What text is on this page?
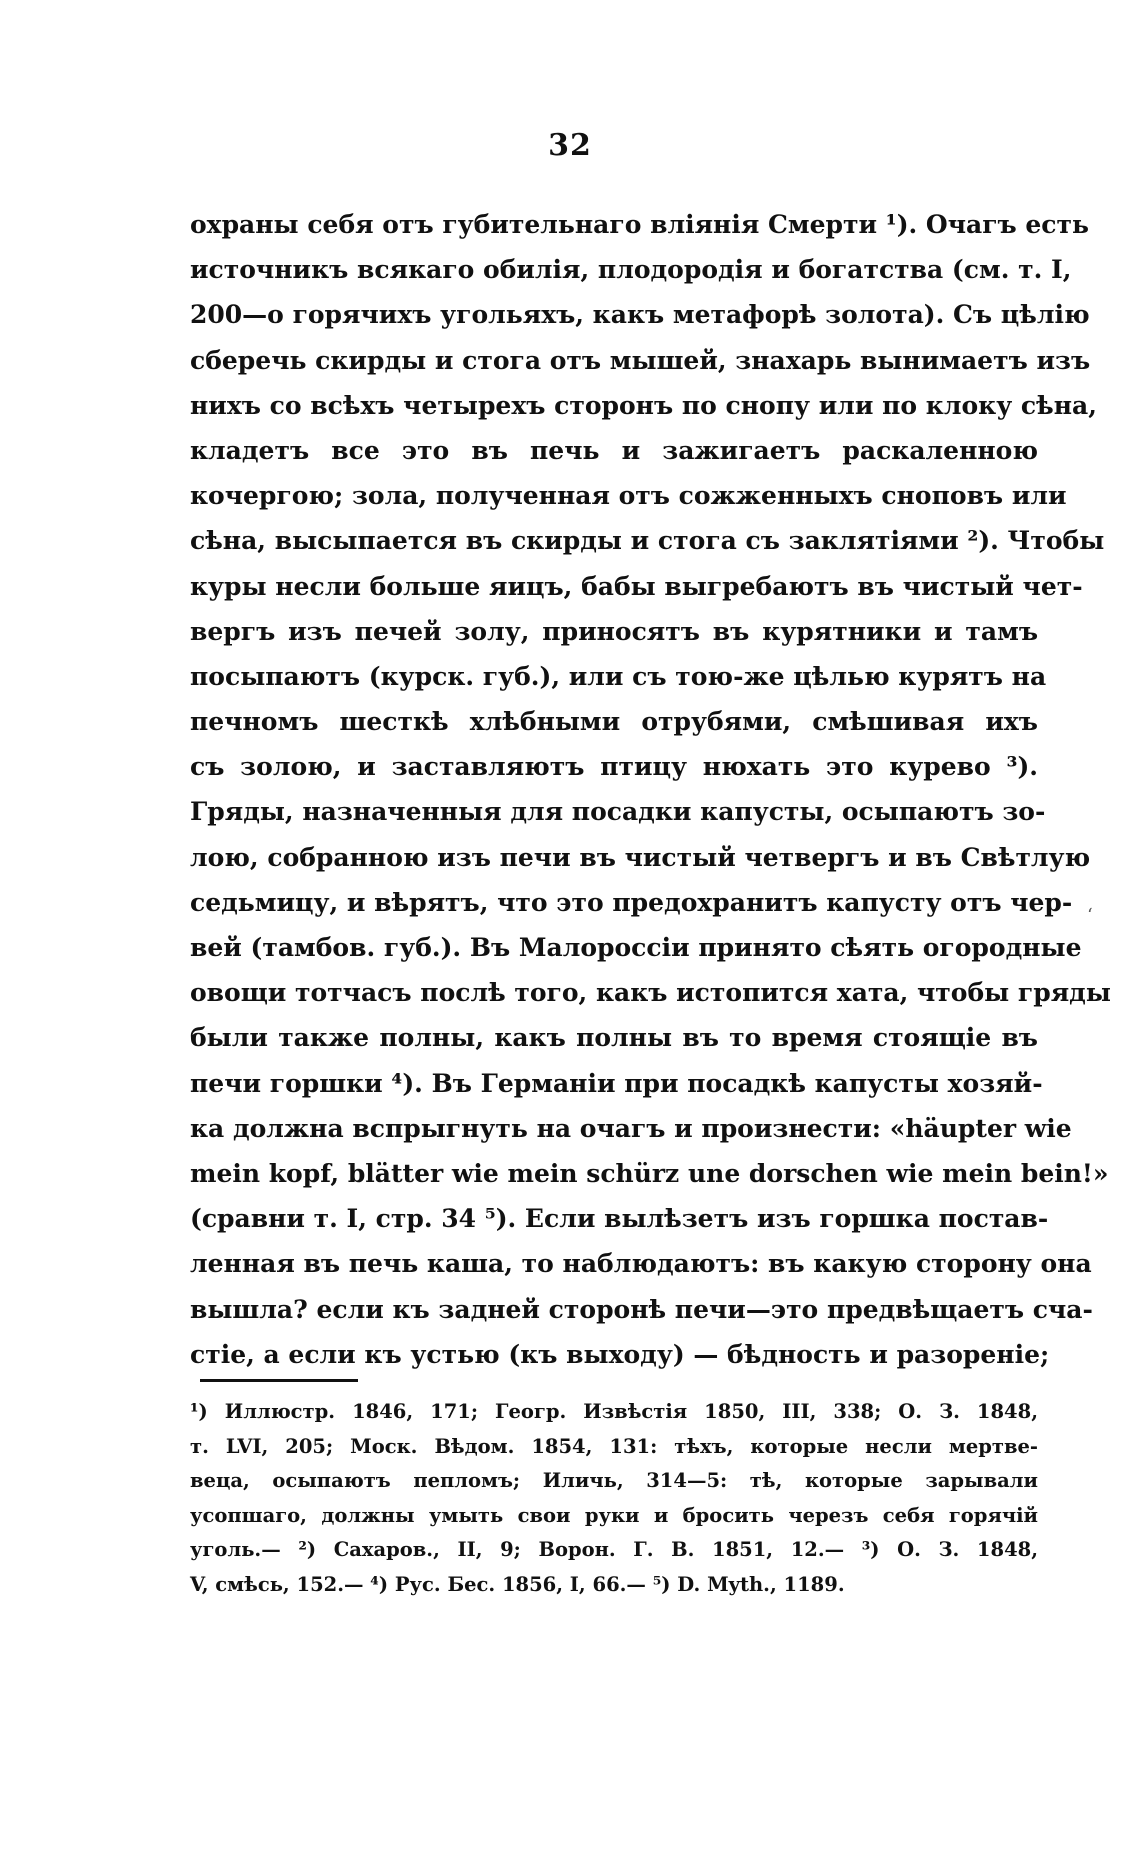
32
охраны себя отъ губительнаго вліянія Смерти ¹). Очагъ есть
источникъ всякаго обилія, плодородія и богатства (см. т. I,
200—о горячихъ угольяхъ, какъ метафорѣ золота). Съ цѣлію
сберечь скирды и стога отъ мышей, знахарь вынимаетъ изъ
нихъ со всѣхъ четырехъ сторонъ по снопу или по клоку сѣна,
кладетъ все это въ печь и зажигаетъ раскаленною
кочергою; зола, полученная отъ сожженныхъ сноповъ или
сѣна, высыпается въ скирды и стога съ заклятіями ²). Чтобы
куры несли больше яицъ, бабы выгребаютъ въ чистый чет-
вергъ изъ печей золу, приносятъ въ курятники и тамъ
посыпаютъ (курск. губ.), или съ тою-же цѣлью курятъ на
печномъ шесткѣ хлѣбными отрубями, смѣшивая ихъ
съ золою, и заставляютъ птицу нюхать это курево ³).
Гряды, назначенныя для посадки капусты, осыпаютъ зо-
лою, собранною изъ печи въ чистый четвергъ и въ Свѣтлую
седьмицу, и вѣрятъ, что это предохранитъ капусту отъ чер-
вей (тамбов. губ.). Въ Малороссіи принято сѣять огородные
овощи тотчасъ послѣ того, какъ истопится хата, чтобы гряды
были также полны, какъ полны въ то время стоящіе въ
печи горшки ⁴). Въ Германіи при посадкѣ капусты хозяй-
ка должна вспрыгнуть на очагъ и произнести: «häupter wie
mein kopf, blätter wie mein schürz une dorschen wie mein bein!»
(сравни т. I, стр. 34 ⁵). Если вылѣзетъ изъ горшка постав-
ленная въ печь каша, то наблюдаютъ: въ какую сторону она
вышла? если къ задней сторонѣ печи—это предвѣщаетъ сча-
стіе, а если къ устью (къ выходу) — бѣдность и разореніе;
‘
¹) Иллюстр. 1846, 171; Геогр. Извѣстія 1850, III, 338; О. З. 1848,
т. LVI, 205; Моск. Вѣдом. 1854, 131: тѣхъ, которые несли мертве-
веца, осыпаютъ пепломъ; Иличь, 314—5: тѣ, которые зарывали
усопшаго, должны умыть свои руки и бросить черезъ себя горячій
уголь.— ²) Сахаров., II, 9; Ворон. Г. В. 1851, 12.— ³) О. З. 1848,
V, смѣсь, 152.— ⁴) Рус. Бес. 1856, I, 66.— ⁵) D. Myth., 1189.
